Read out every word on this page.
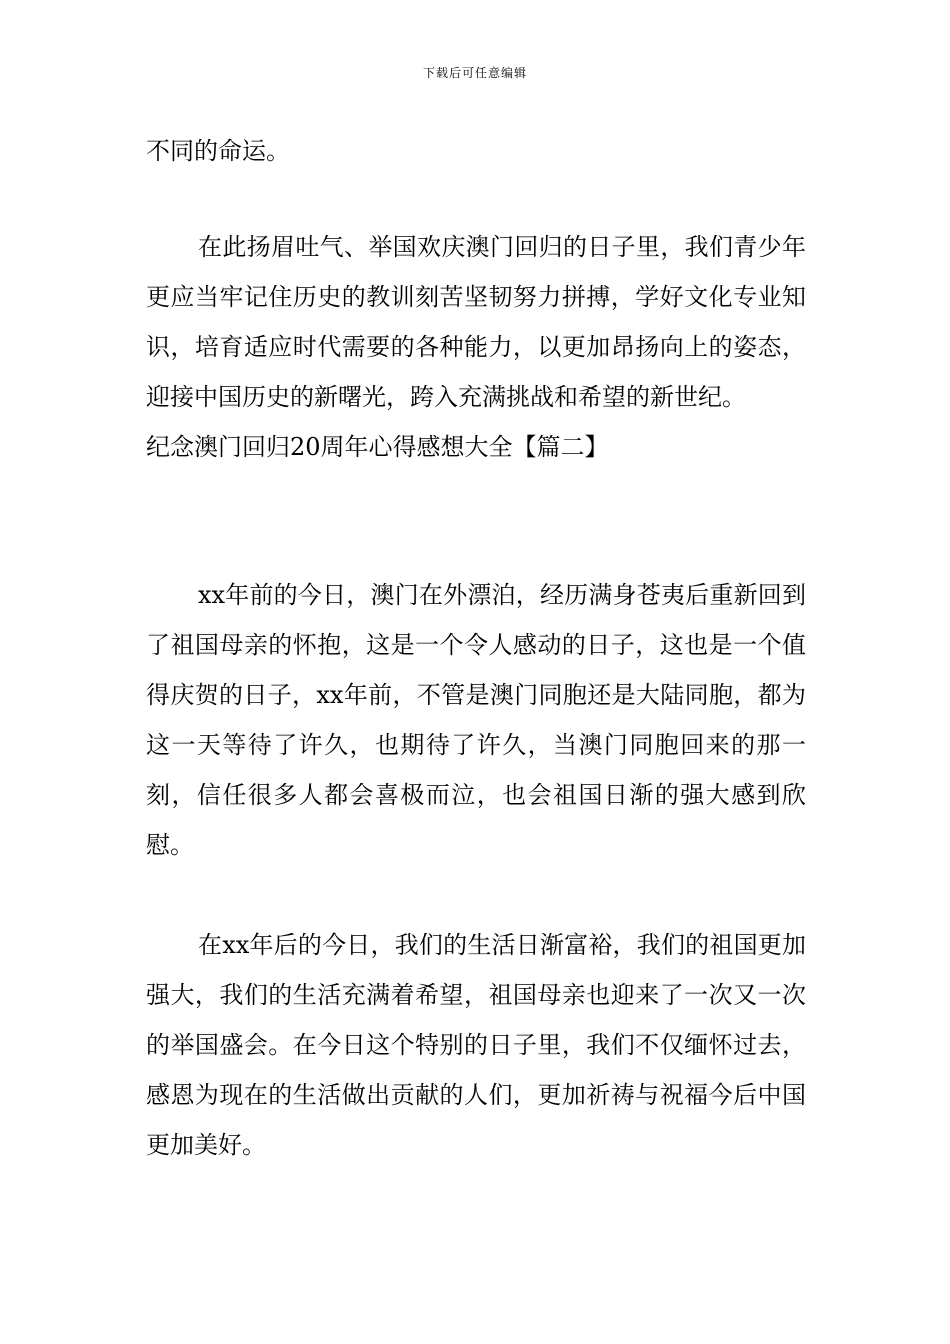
下载后可任意编辑

不同的命运。

在此扬眉吐气、举国欢庆澳门回归的日子里，我们青少年更应当牢记住历史的教训刻苦坚韧努力拼搏，学好文化专业知识，培育适应时代需要的各种能力，以更加昂扬向上的姿态，迎接中国历史的新曙光，跨入充满挑战和希望的新世纪。

纪念澳门回归20周年心得感想大全【篇二】

xx年前的今日，澳门在外漂泊，经历满身苍夷后重新回到了祖国母亲的怀抱，这是一个令人感动的日子，这也是一个值得庆贺的日子，xx年前，不管是澳门同胞还是大陆同胞，都为这一天等待了许久，也期待了许久，当澳门同胞回来的那一刻，信任很多人都会喜极而泣，也会祖国日渐的强大感到欣慰。

在xx年后的今日，我们的生活日渐富裕，我们的祖国更加强大，我们的生活充满着希望，祖国母亲也迎来了一次又一次的举国盛会。在今日这个特别的日子里，我们不仅缅怀过去，感恩为现在的生活做出贡献的人们，更加祈祷与祝福今后中国更加美好。
